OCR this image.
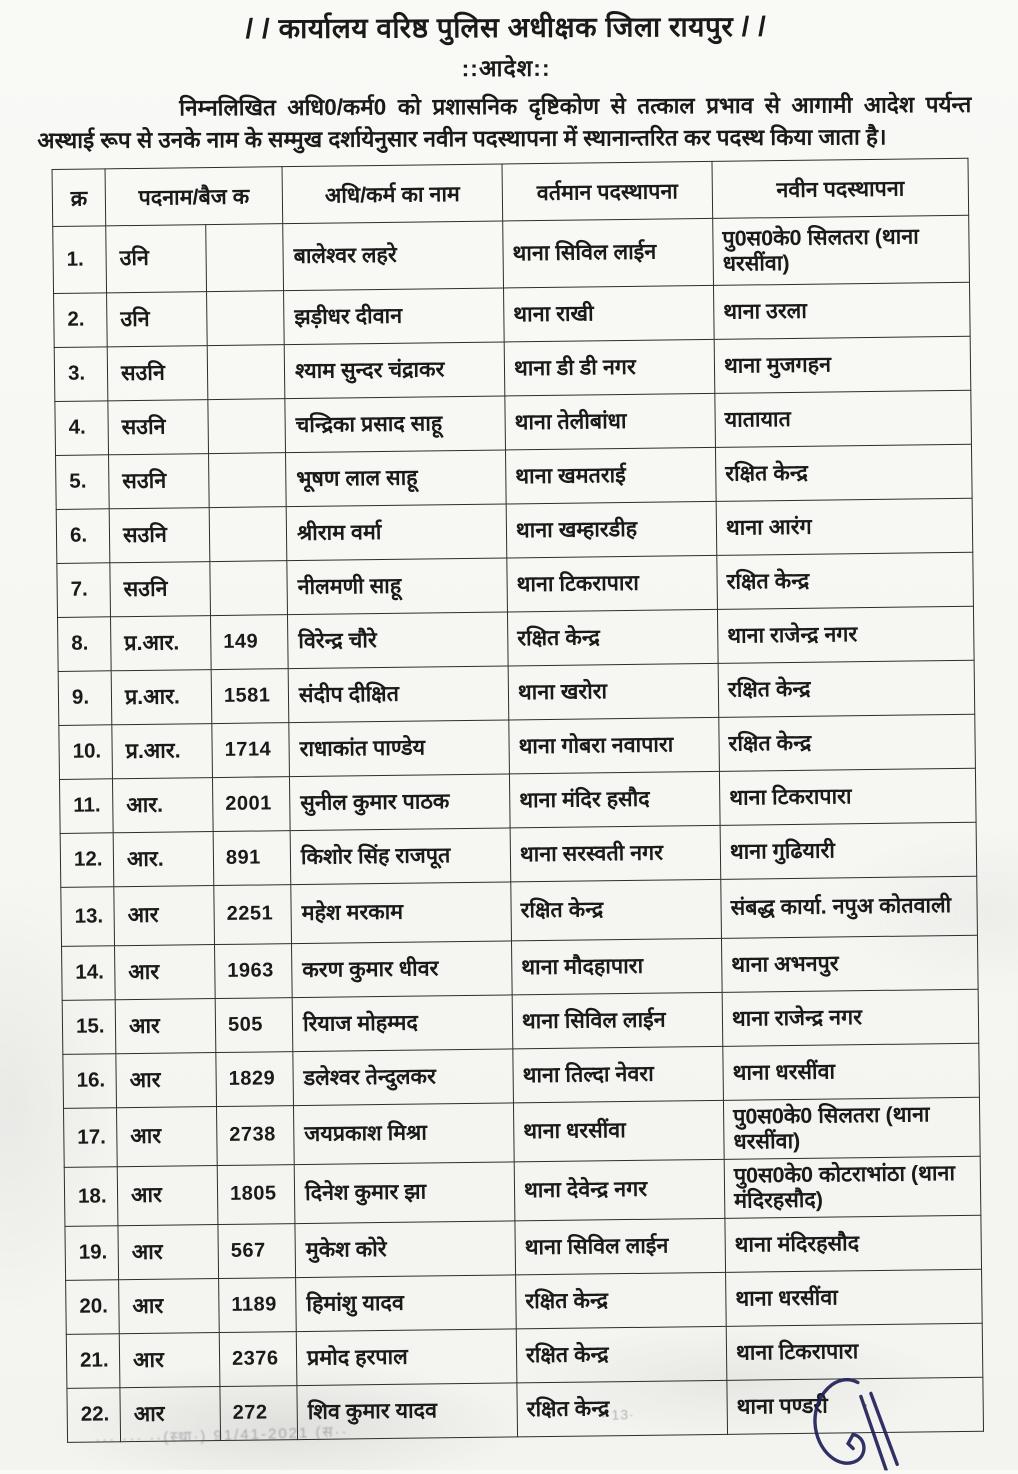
/ / कार्यालय वरिष्ठ पुलिस अधीक्षक जिला रायपुर / /
::आदेश::
निम्नलिखित अधि0/कर्म0 को प्रशासनिक दृष्टिकोण से तत्काल प्रभाव से आगामी आदेश पर्यन्त अस्थाई रूप से उनके नाम के सम्मुख दर्शायेनुसार नवीन पदस्थापना में स्थानान्तरित कर पदस्थ किया जाता है।
क्र	पदनाम/बैज क		अधि/कर्म का नाम	वर्तमान पदस्थापना	नवीन पदस्थापना
1.	उनि		बालेश्वर लहरे	थाना सिविल लाईन	पु0स0के0 सिलतरा (थाना धरसींवा)
2.	उनि		झड़ीधर दीवान	थाना राखी	थाना उरला
3.	सउनि		श्याम सुन्दर चंद्राकर	थाना डी डी नगर	थाना मुजगहन
4.	सउनि		चन्द्रिका प्रसाद साहू	थाना तेलीबांधा	यातायात
5.	सउनि		भूषण लाल साहू	थाना खमतराई	रक्षित केन्द्र
6.	सउनि		श्रीराम वर्मा	थाना खम्हारडीह	थाना आरंग
7.	सउनि		नीलमणी साहू	थाना टिकरापारा	रक्षित केन्द्र
8.	प्र.आर.	149	विरेन्द्र चौरे	रक्षित केन्द्र	थाना राजेन्द्र नगर
9.	प्र.आर.	1581	संदीप दीक्षित	थाना खरोरा	रक्षित केन्द्र
10.	प्र.आर.	1714	राधाकांत पाण्डेय	थाना गोबरा नवापारा	रक्षित केन्द्र
11.	आर.	2001	सुनील कुमार पाठक	थाना मंदिर हसौद	थाना टिकरापारा
12.	आर.	891	किशोर सिंह राजपूत	थाना सरस्वती नगर	थाना गुढियारी
13.	आर	2251	महेश मरकाम	रक्षित केन्द्र	संबद्ध कार्या. नपुअ कोतवाली
14.	आर	1963	करण कुमार धीवर	थाना मौदहापारा	थाना अभनपुर
15.	आर	505	रियाज मोहम्मद	थाना सिविल लाईन	थाना राजेन्द्र नगर
16.	आर	1829	डलेश्वर तेन्दुलकर	थाना तिल्दा नेवरा	थाना धरसींवा
17.	आर	2738	जयप्रकाश मिश्रा	थाना धरसींवा	पु0स0के0 सिलतरा (थाना धरसींवा)
18.	आर	1805	दिनेश कुमार झा	थाना देवेन्द्र नगर	पु0स0के0 कोटराभांठा (थाना मंदिरहसौद)
19.	आर	567	मुकेश कोरे	थाना सिविल लाईन	थाना मंदिरहसौद
20.	आर	1189	हिमांशु यादव	रक्षित केन्द्र	थाना धरसींवा
21.	आर	2376	प्रमोद हरपाल	रक्षित केन्द्र	थाना टिकरापारा
22.	आर	272	शिव कुमार यादव	रक्षित केन्द्र	थाना पण्डरी
··· ··· ··(स्था·) 91/41-2021 (स··
- 13·
